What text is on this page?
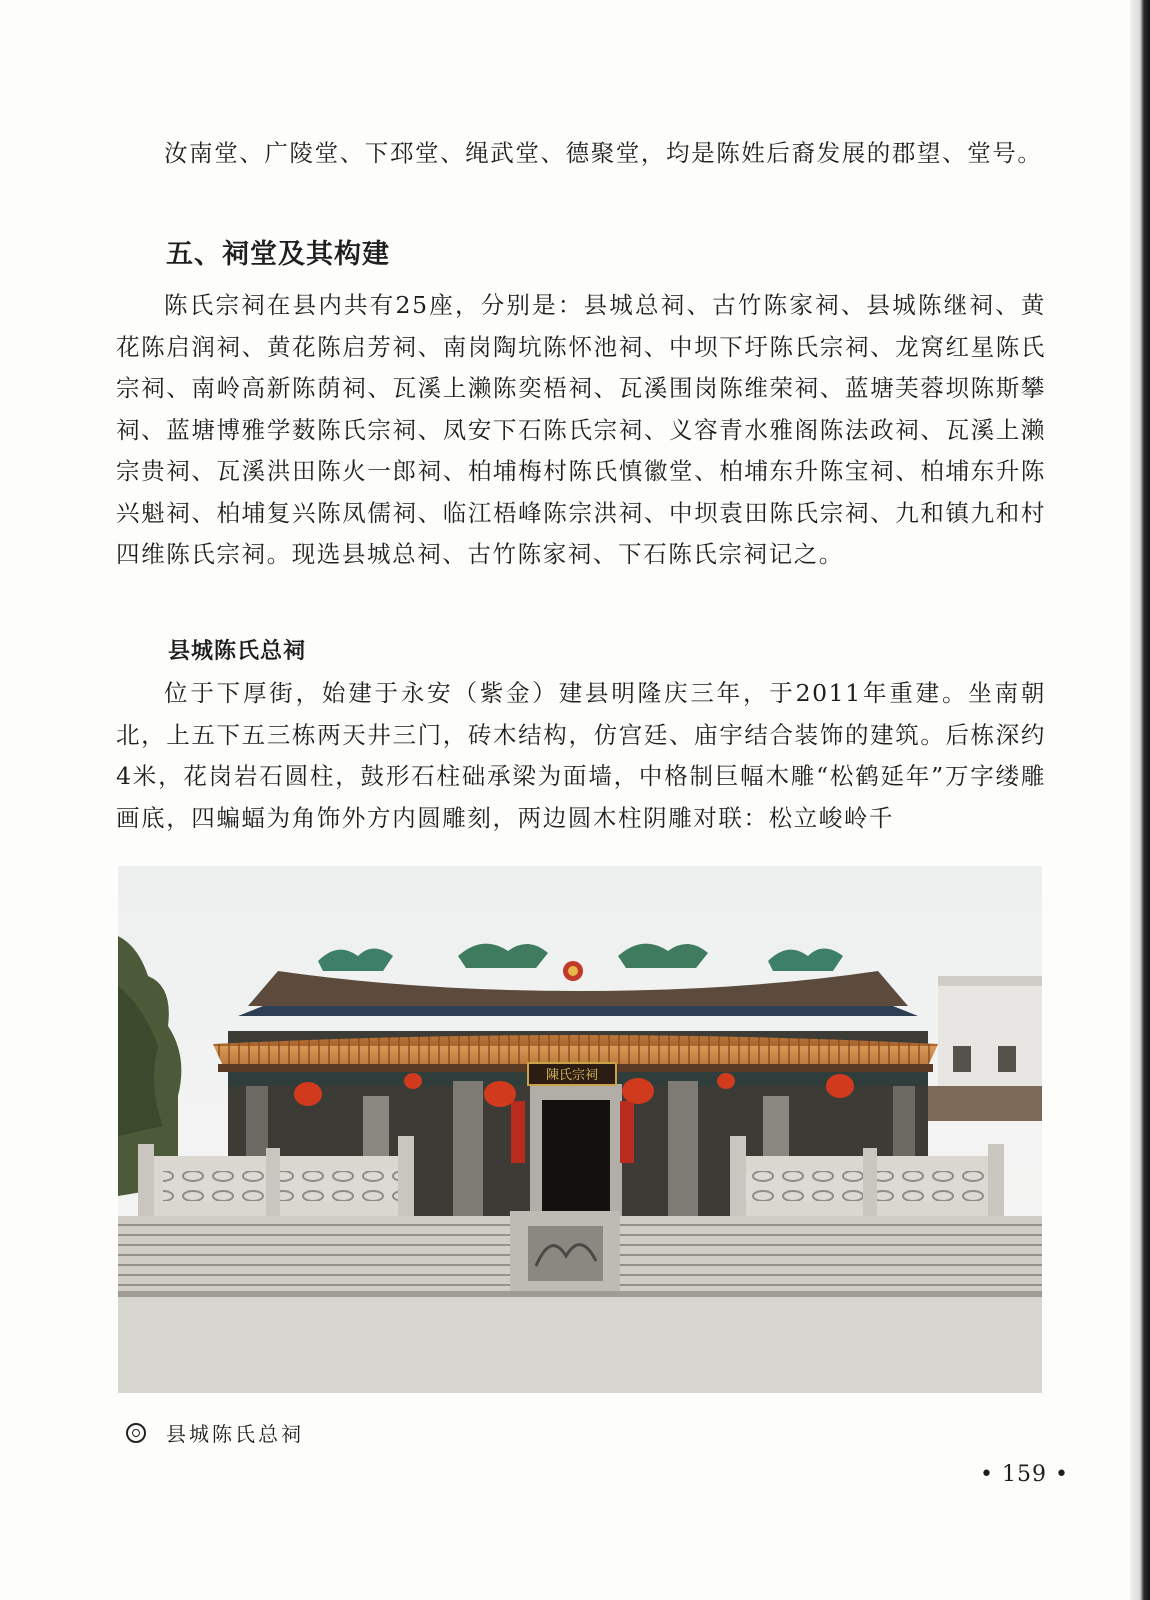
汝南堂、广陵堂、下邳堂、绳武堂、德聚堂，均是陈姓后裔发展的郡望、堂号。
五、祠堂及其构建
陈氏宗祠在县内共有25座，分别是：县城总祠、古竹陈家祠、县城陈继祠、黄花陈启润祠、黄花陈启芳祠、南岗陶坑陈怀池祠、中坝下圩陈氏宗祠、龙窝红星陈氏宗祠、南岭高新陈荫祠、瓦溪上濑陈奕梧祠、瓦溪围岗陈维荣祠、蓝塘芙蓉坝陈斯攀祠、蓝塘博雅学薮陈氏宗祠、凤安下石陈氏宗祠、义容青水雅阁陈法政祠、瓦溪上濑宗贵祠、瓦溪洪田陈火一郎祠、柏埔梅村陈氏慎徽堂、柏埔东升陈宝祠、柏埔东升陈兴魁祠、柏埔复兴陈凤儒祠、临江梧峰陈宗洪祠、中坝袁田陈氏宗祠、九和镇九和村四维陈氏宗祠。现选县城总祠、古竹陈家祠、下石陈氏宗祠记之。
县城陈氏总祠
位于下厚街，始建于永安（紫金）建县明隆庆三年，于2011年重建。坐南朝北，上五下五三栋两天井三门，砖木结构，仿宫廷、庙宇结合装饰的建筑。后栋深约4米，花岗岩石圆柱，鼓形石柱础承梁为面墙，中格制巨幅木雕“松鹤延年”万字缕雕画底，四蝙蝠为角饰外方内圆雕刻，两边圆木柱阴雕对联：松立峻岭千
陳氏宗祠
县城陈氏总祠
• 159 •
